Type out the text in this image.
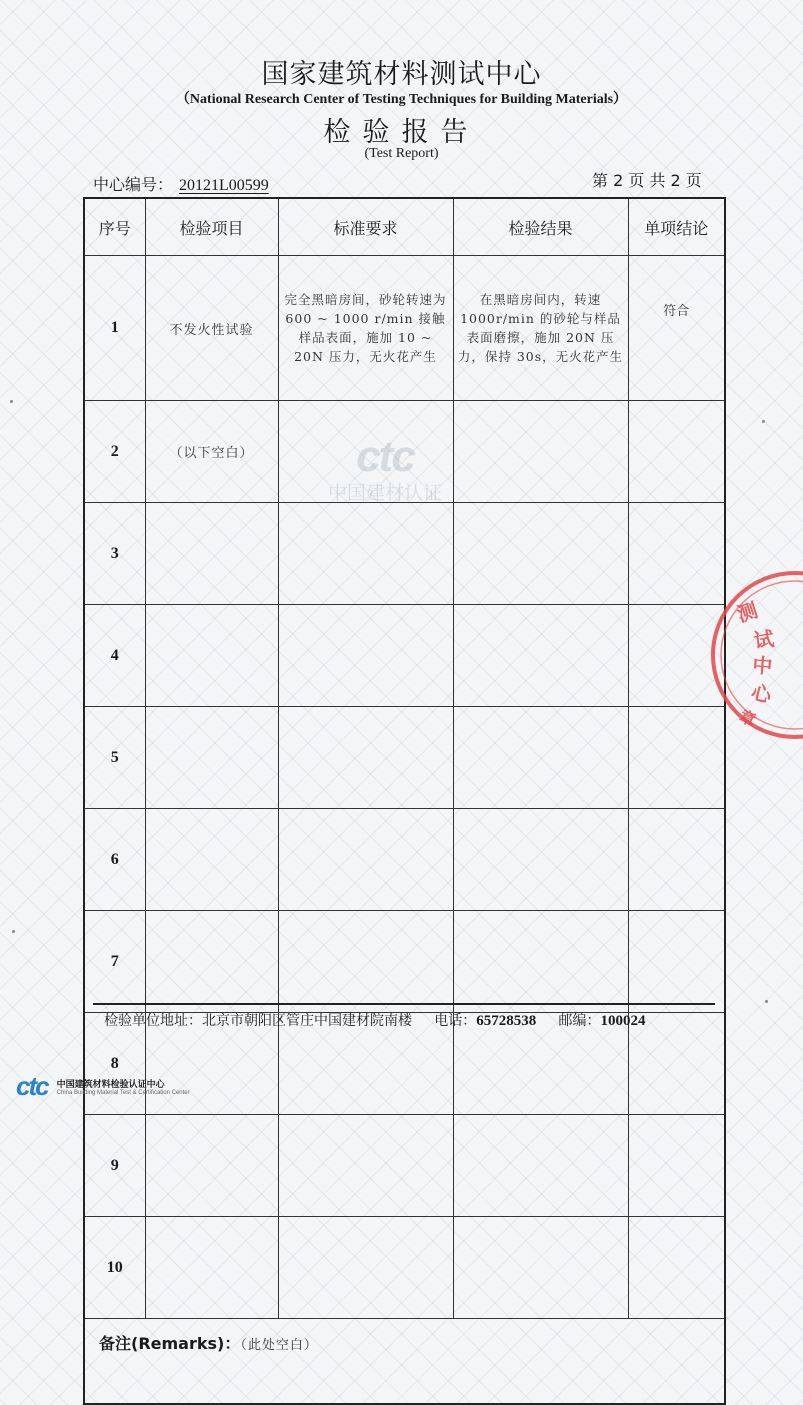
国家建筑材料测试中心
（National Research Center of Testing Techniques for Building Materials）
检验报告
(Test Report)
中心编号： 20121L00599	第 2 页 共 2 页
序号	检验项目	标准要求	检验结果	单项结论
1	不发火性试验	完全黑暗房间，砂轮转速为 600 ~ 1000 r/min 接触样品表面，施加 10 ~ 20N 压力，无火花产生	在黑暗房间内，转速 1000r/min 的砂轮与样品表面磨擦，施加 20N 压力，保持 30s，无火花产生	符合
2	（以下空白）			
3				
4				
5				
6				
7				
8				
9				
10				
备注(Remarks)：（此处空白）				
ctc
中国建材认证
测
试
中
心
章
检验单位地址：北京市朝阳区管庄中国建材院南楼 电话：65728538 邮编：100024
ctc 中国建筑材料检验认证中心
China Building Material Test & Certification Center
